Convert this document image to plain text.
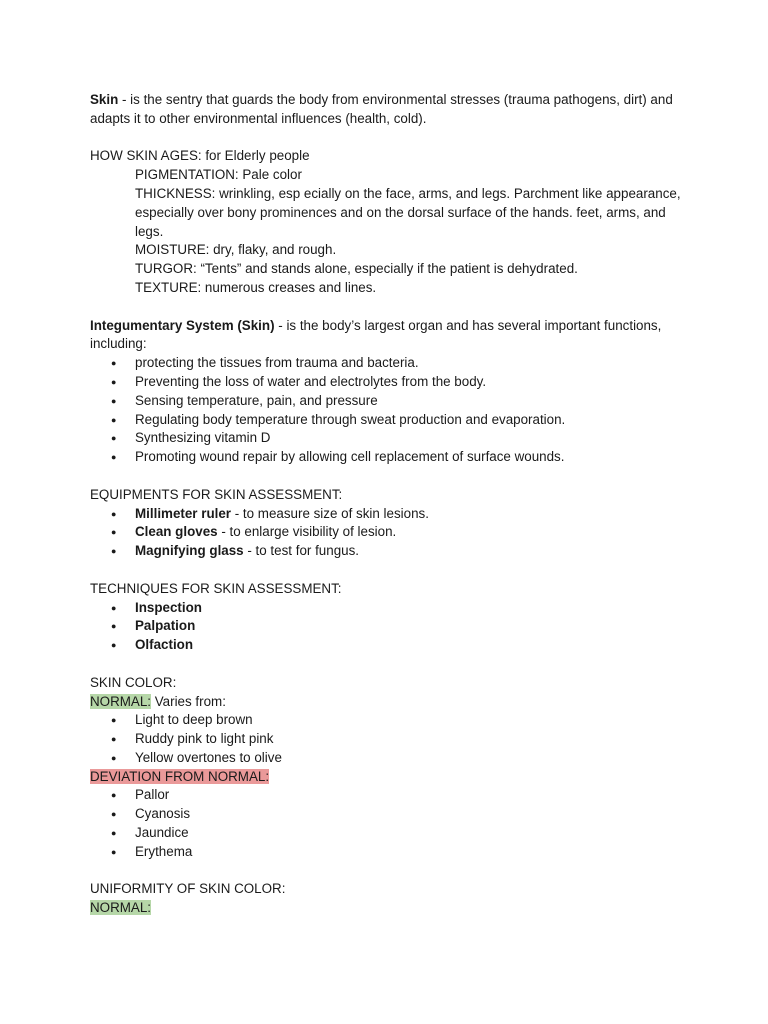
Skin - is the sentry that guards the body from environmental stresses (trauma pathogens, dirt) and adapts it to other environmental influences (health, cold).

HOW SKIN AGES: for Elderly people

PIGMENTATION: Pale color

THICKNESS: wrinkling, esp ecially on the face, arms, and legs. Parchment like appearance, especially over bony prominences and on the dorsal surface of the hands. feet, arms, and legs.

MOISTURE: dry, flaky, and rough.

TURGOR: “Tents” and stands alone, especially if the patient is dehydrated.

TEXTURE: numerous creases and lines.

Integumentary System (Skin) - is the body’s largest organ and has several important functions, including:

● protecting the tissues from trauma and bacteria.
● Preventing the loss of water and electrolytes from the body.
● Sensing temperature, pain, and pressure
● Regulating body temperature through sweat production and evaporation.
● Synthesizing vitamin D
● Promoting wound repair by allowing cell replacement of surface wounds.

EQUIPMENTS FOR SKIN ASSESSMENT:

● Millimeter ruler - to measure size of skin lesions.
● Clean gloves - to enlarge visibility of lesion.
● Magnifying glass - to test for fungus.

TECHNIQUES FOR SKIN ASSESSMENT:

● Inspection
● Palpation
● Olfaction

SKIN COLOR:

NORMAL: Varies from:

● Light to deep brown
● Ruddy pink to light pink
● Yellow overtones to olive

DEVIATION FROM NORMAL:

● Pallor
● Cyanosis
● Jaundice
● Erythema

UNIFORMITY OF SKIN COLOR:

NORMAL:
